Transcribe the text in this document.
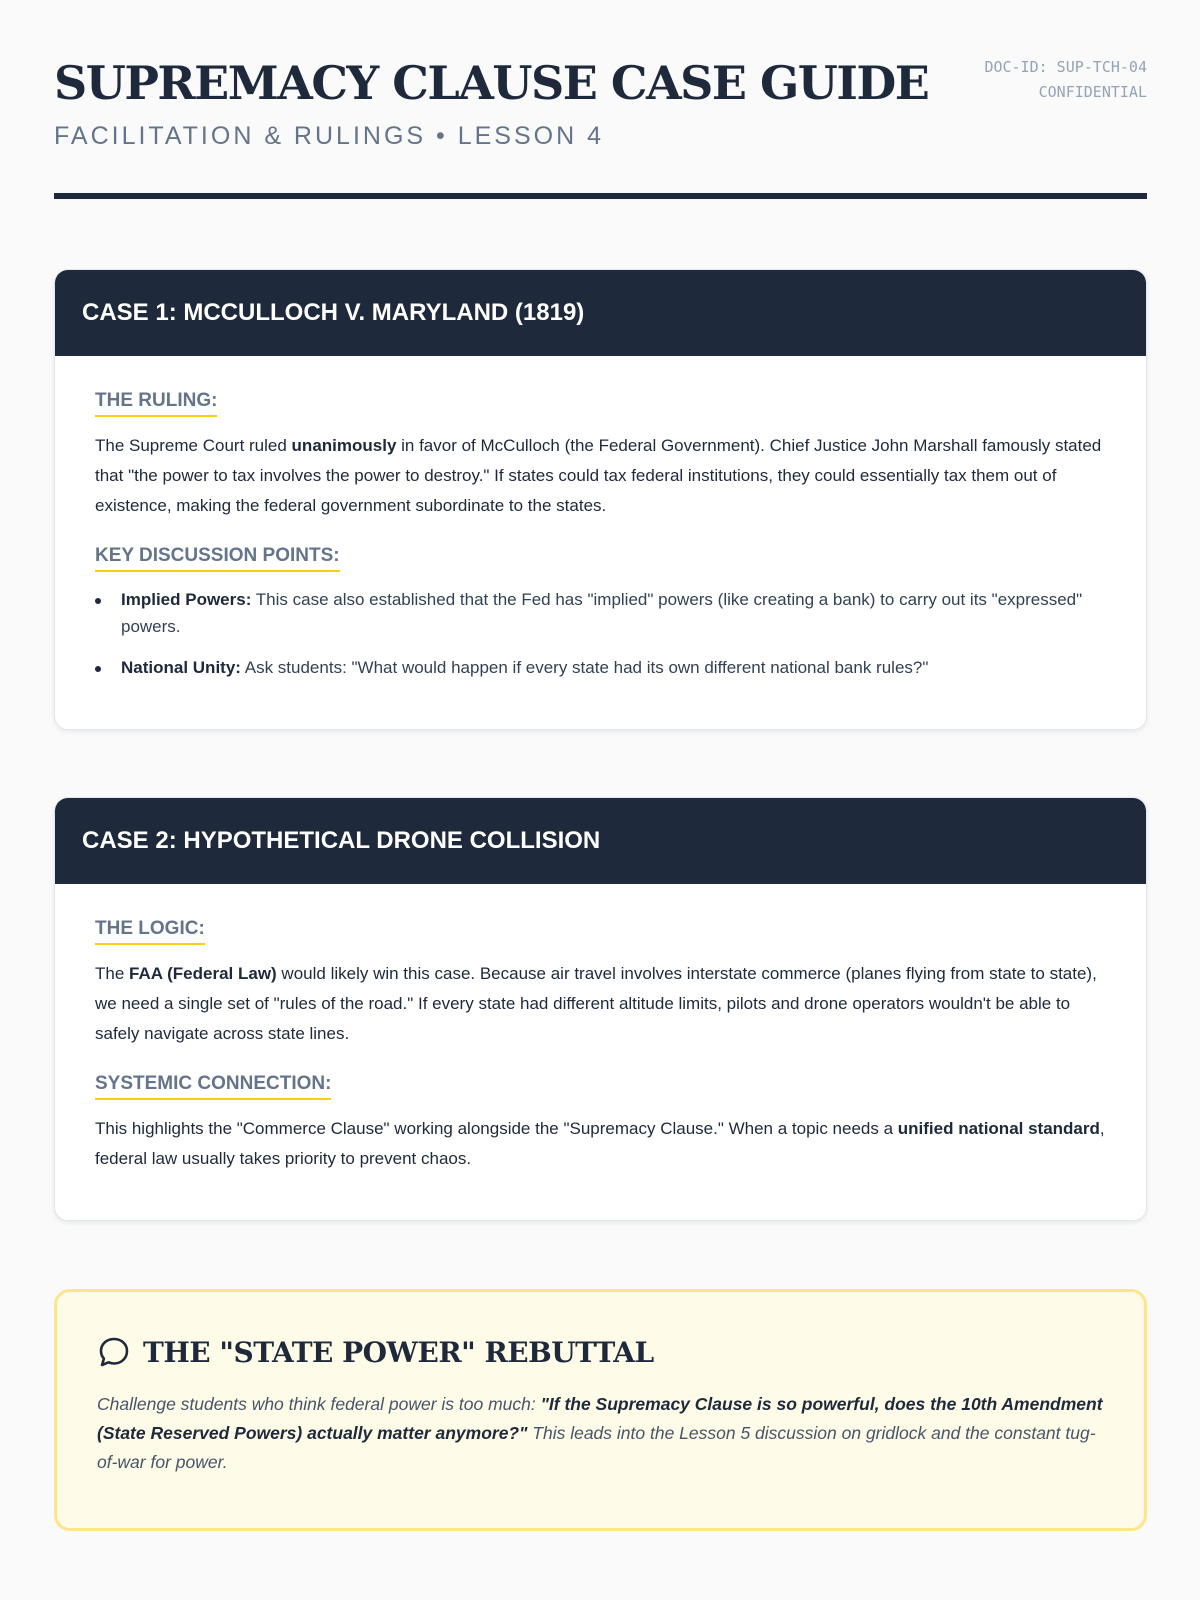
SUPREMACY CLAUSE CASE GUIDE
FACILITATION & RULINGS • LESSON 4
DOC-ID: SUP-TCH-04
CONFIDENTIAL
CASE 1: MCCULLOCH V. MARYLAND (1819)
THE RULING:

The Supreme Court ruled unanimously in favor of McCulloch (the Federal Government). Chief Justice John Marshall famously stated that "the power to tax involves the power to destroy." If states could tax federal institutions, they could essentially tax them out of existence, making the federal government subordinate to the states.

KEY DISCUSSION POINTS:
Implied Powers: This case also established that the Fed has "implied" powers (like creating a bank) to carry out its "expressed" powers.
National Unity: Ask students: "What would happen if every state had its own different national bank rules?"
CASE 2: HYPOTHETICAL DRONE COLLISION
THE LOGIC:

The FAA (Federal Law) would likely win this case. Because air travel involves interstate commerce (planes flying from state to state), we need a single set of "rules of the road." If every state had different altitude limits, pilots and drone operators wouldn't be able to safely navigate across state lines.

SYSTEMIC CONNECTION:

This highlights the "Commerce Clause" working alongside the "Supremacy Clause." When a topic needs a unified national standard, federal law usually takes priority to prevent chaos.

THE "STATE POWER" REBUTTAL

Challenge students who think federal power is too much: "If the Supremacy Clause is so powerful, does the 10th Amendment (State Reserved Powers) actually matter anymore?" This leads into the Lesson 5 discussion on gridlock and the constant tug-of-war for power.
